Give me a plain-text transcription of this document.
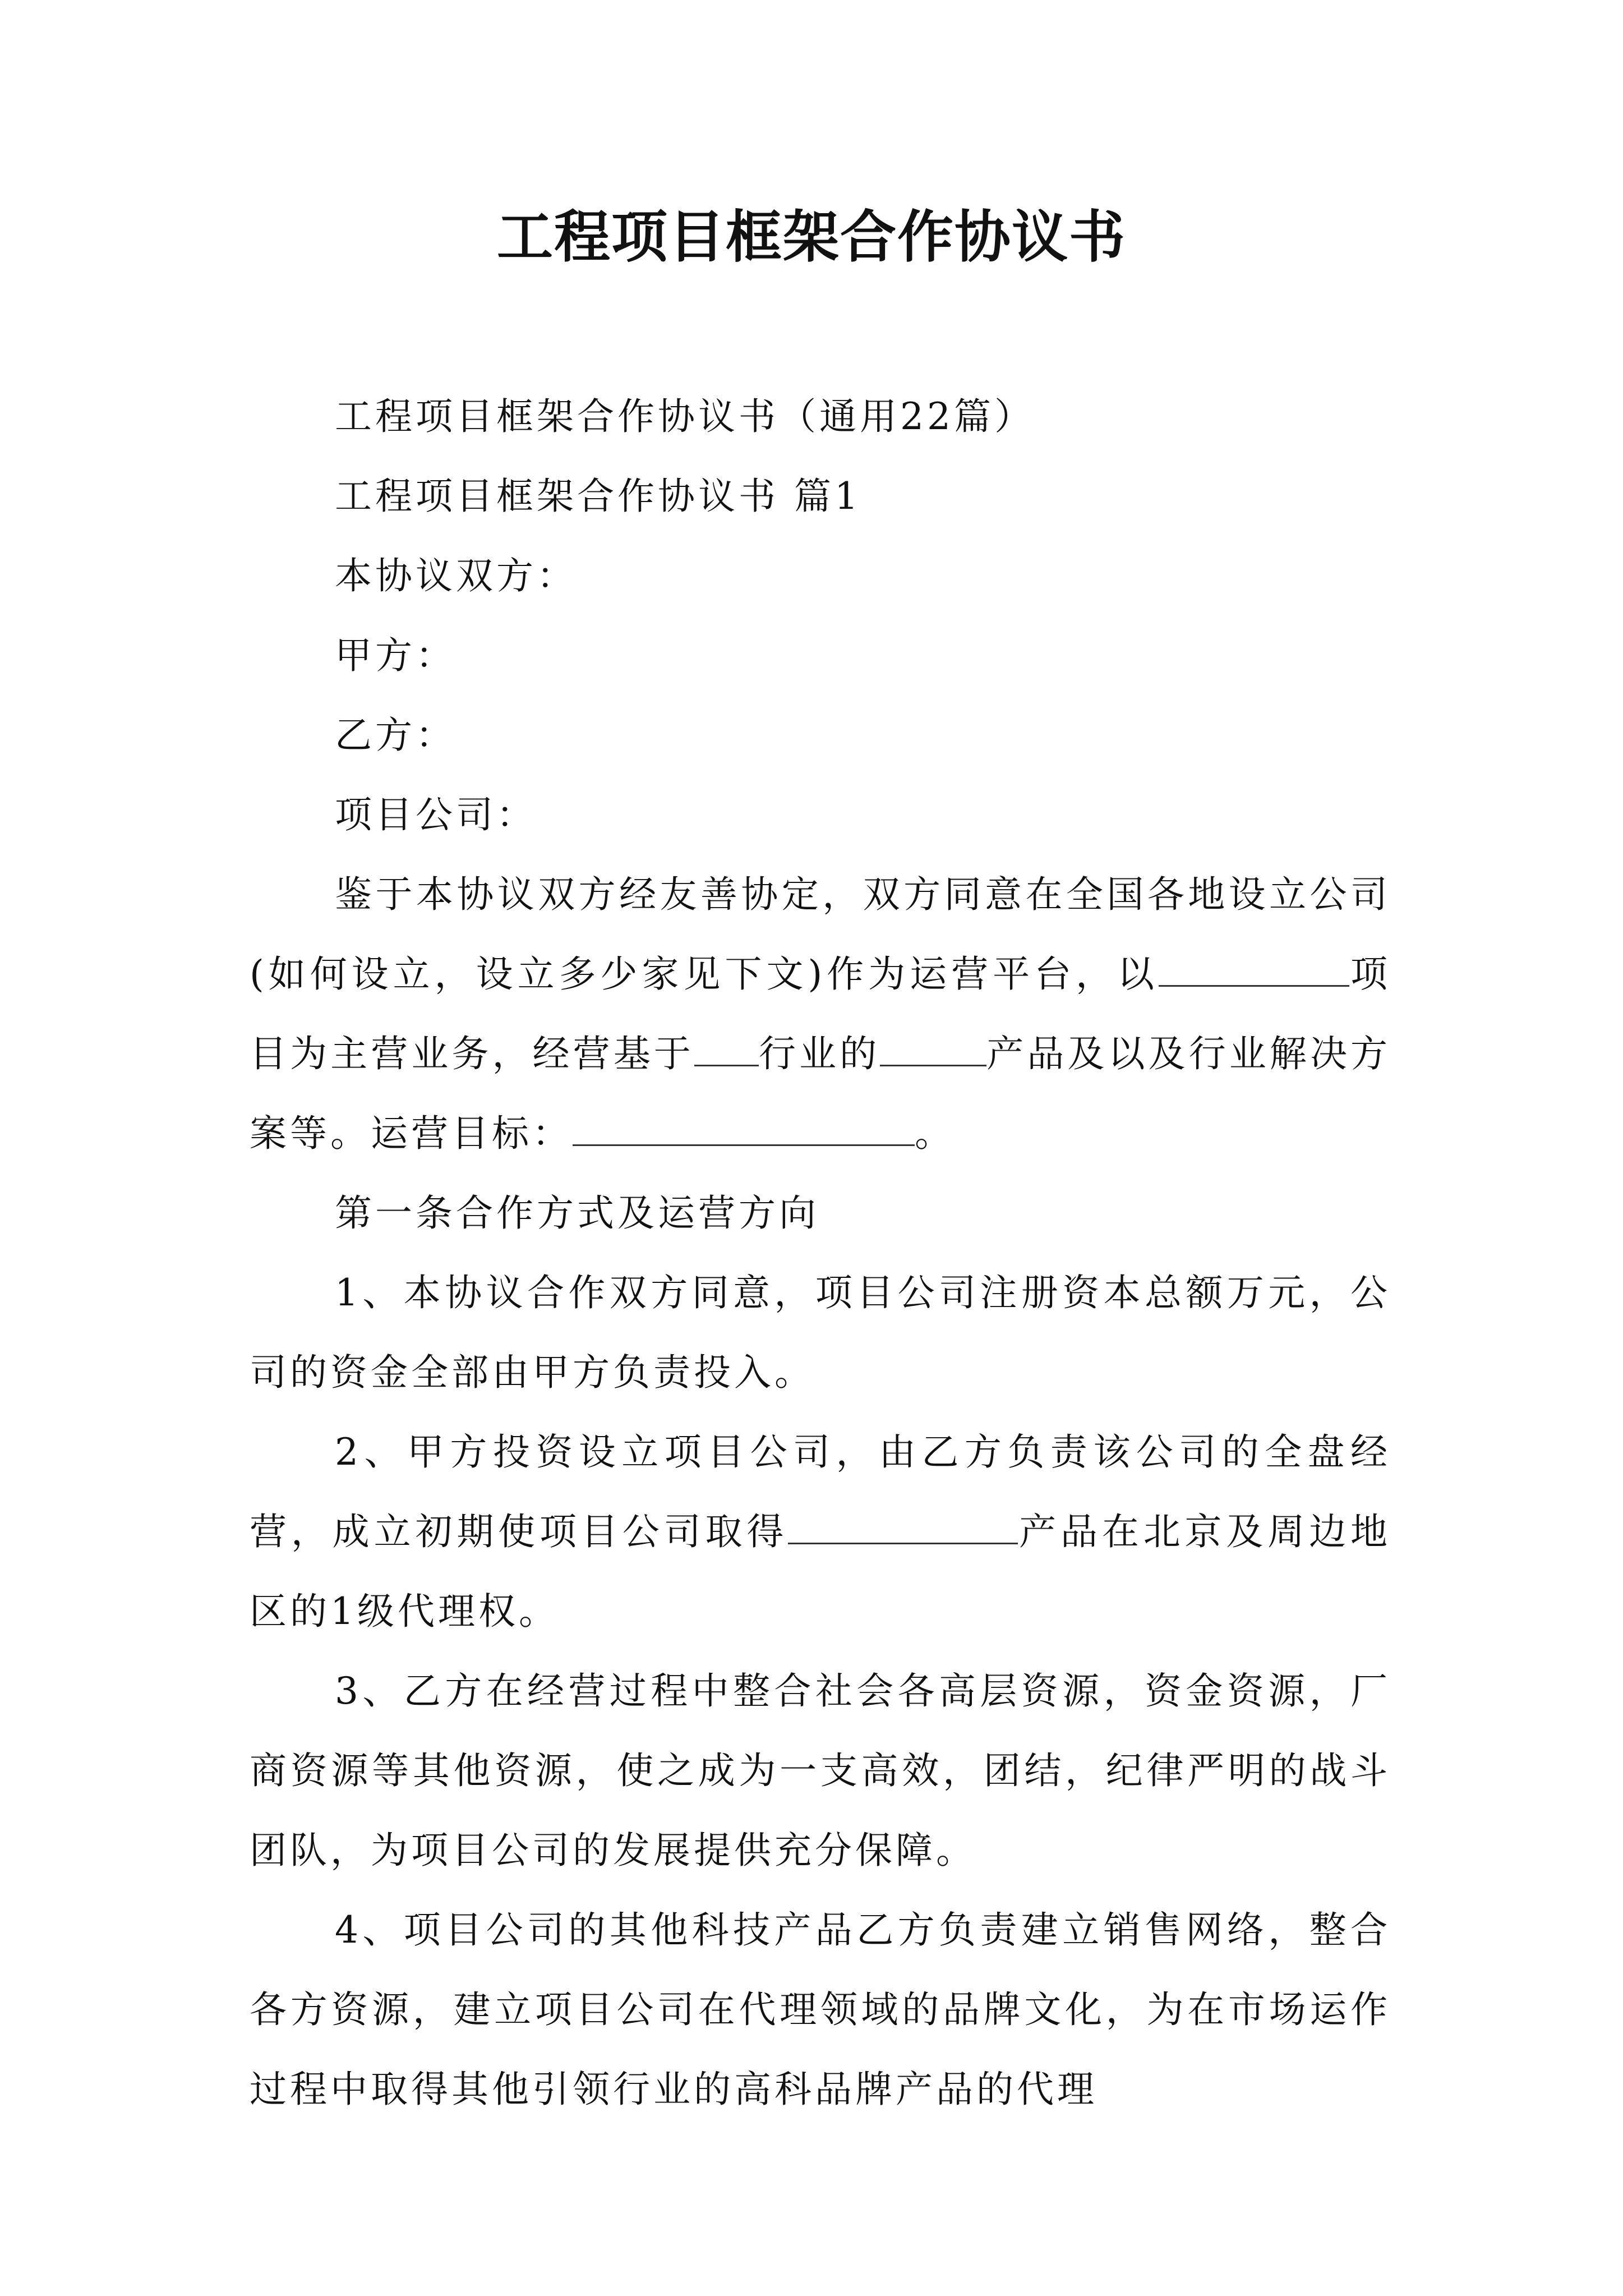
工程项目框架合作协议书

工程项目框架合作协议书（通用22篇）

工程项目框架合作协议书 篇1

本协议双方：

甲方：

乙方：

项目公司：

鉴于本协议双方经友善协定，双方同意在全国各地设立公司(如何设立，设立多少家见下文)作为运营平台，以	项目为主营业务，经营基于 行业的	产品及以及行业解决方案等。运营目标：	。

第一条合作方式及运营方向

1、本协议合作双方同意，项目公司注册资本总额万元，公司的资金全部由甲方负责投入。

2、甲方投资设立项目公司，由乙方负责该公司的全盘经营，成立初期使项目公司取得	产品在北京及周边地区的1级代理权。

3、乙方在经营过程中整合社会各高层资源，资金资源，厂商资源等其他资源，使之成为一支高效，团结，纪律严明的战斗团队，为项目公司的发展提供充分保障。

4、项目公司的其他科技产品乙方负责建立销售网络，整合各方资源，建立项目公司在代理领域的品牌文化，为在市场运作过程中取得其他引领行业的高科品牌产品的代理
